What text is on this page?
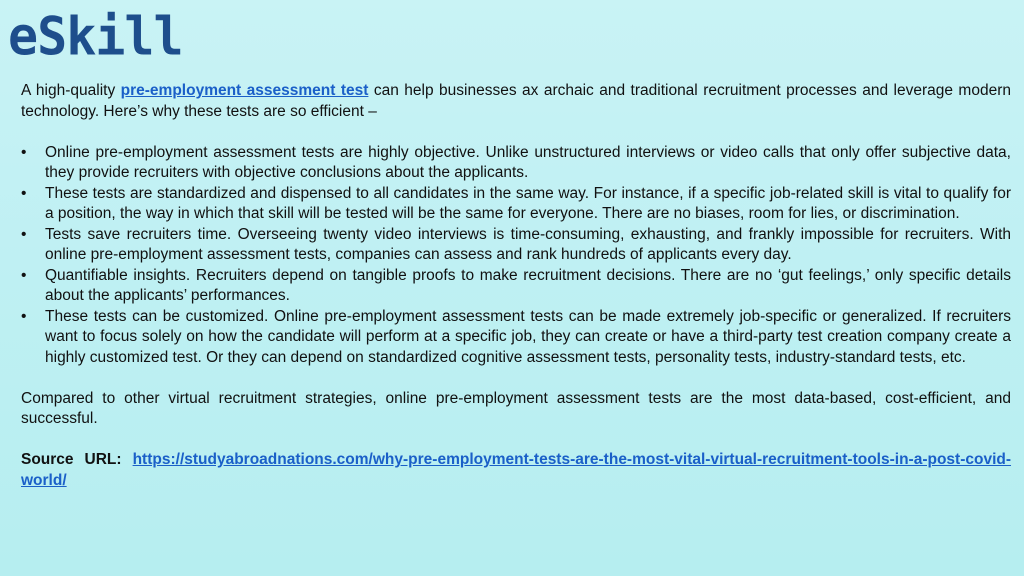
eSkill

A high-quality pre-employment assessment test can help businesses ax archaic and traditional recruitment processes and leverage modern technology. Here’s why these tests are so efficient –

• Online pre-employment assessment tests are highly objective. Unlike unstructured interviews or video calls that only offer subjective data, they provide recruiters with objective conclusions about the applicants.
• These tests are standardized and dispensed to all candidates in the same way. For instance, if a specific job-related skill is vital to qualify for a position, the way in which that skill will be tested will be the same for everyone. There are no biases, room for lies, or discrimination.
• Tests save recruiters time. Overseeing twenty video interviews is time-consuming, exhausting, and frankly impossible for recruiters. With online pre-employment assessment tests, companies can assess and rank hundreds of applicants every day.
• Quantifiable insights. Recruiters depend on tangible proofs to make recruitment decisions. There are no ‘gut feelings,’ only specific details about the applicants’ performances.
• These tests can be customized. Online pre-employment assessment tests can be made extremely job-specific or generalized. If recruiters want to focus solely on how the candidate will perform at a specific job, they can create or have a third-party test creation company create a highly customized test. Or they can depend on standardized cognitive assessment tests, personality tests, industry-standard tests, etc.

Compared to other virtual recruitment strategies, online pre-employment assessment tests are the most data-based, cost-efficient, and successful.

Source URL: https://studyabroadnations.com/why-pre-employment-tests-are-the-most-vital-virtual-recruitment-tools-in-a-post-covid-world/
